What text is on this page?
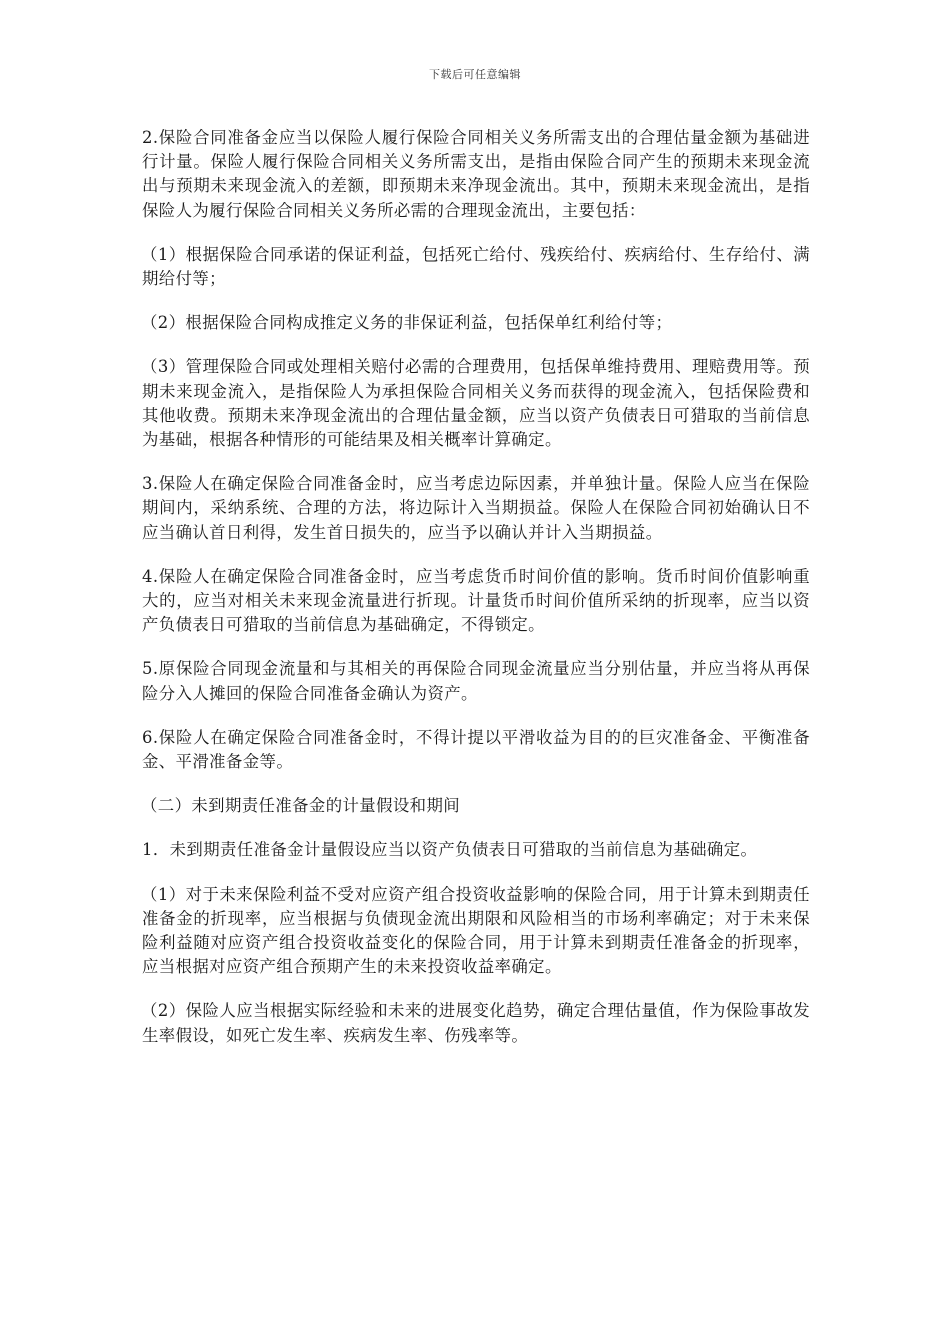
下载后可任意编辑

2.保险合同准备金应当以保险人履行保险合同相关义务所需支出的合理估量金额为基础进行计量。保险人履行保险合同相关义务所需支出，是指由保险合同产生的预期未来现金流出与预期未来现金流入的差额，即预期未来净现金流出。其中，预期未来现金流出，是指保险人为履行保险合同相关义务所必需的合理现金流出，主要包括：

（1）根据保险合同承诺的保证利益，包括死亡给付、残疾给付、疾病给付、生存给付、满期给付等；

（2）根据保险合同构成推定义务的非保证利益，包括保单红利给付等；

（3）管理保险合同或处理相关赔付必需的合理费用，包括保单维持费用、理赔费用等。预期未来现金流入，是指保险人为承担保险合同相关义务而获得的现金流入，包括保险费和其他收费。预期未来净现金流出的合理估量金额，应当以资产负债表日可猎取的当前信息为基础，根据各种情形的可能结果及相关概率计算确定。

3.保险人在确定保险合同准备金时，应当考虑边际因素，并单独计量。保险人应当在保险期间内，采纳系统、合理的方法，将边际计入当期损益。保险人在保险合同初始确认日不应当确认首日利得，发生首日损失的，应当予以确认并计入当期损益。

4.保险人在确定保险合同准备金时，应当考虑货币时间价值的影响。货币时间价值影响重大的，应当对相关未来现金流量进行折现。计量货币时间价值所采纳的折现率，应当以资产负债表日可猎取的当前信息为基础确定，不得锁定。

5.原保险合同现金流量和与其相关的再保险合同现金流量应当分别估量，并应当将从再保险分入人摊回的保险合同准备金确认为资产。

6.保险人在确定保险合同准备金时，不得计提以平滑收益为目的的巨灾准备金、平衡准备金、平滑准备金等。

（二）未到期责任准备金的计量假设和期间

1．未到期责任准备金计量假设应当以资产负债表日可猎取的当前信息为基础确定。

（1）对于未来保险利益不受对应资产组合投资收益影响的保险合同，用于计算未到期责任准备金的折现率，应当根据与负债现金流出期限和风险相当的市场利率确定；对于未来保险利益随对应资产组合投资收益变化的保险合同，用于计算未到期责任准备金的折现率，应当根据对应资产组合预期产生的未来投资收益率确定。

（2）保险人应当根据实际经验和未来的进展变化趋势，确定合理估量值，作为保险事故发生率假设，如死亡发生率、疾病发生率、伤残率等。
